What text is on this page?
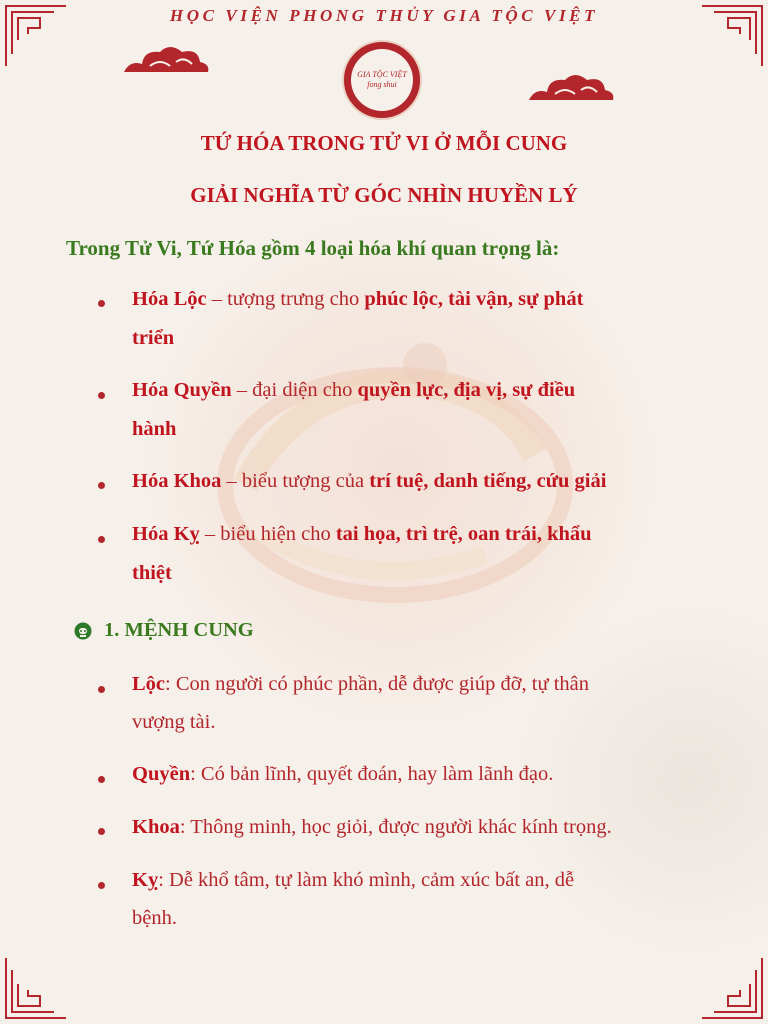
HỌC VIỆN PHONG THỦY GIA TỘC VIỆT
GIA TỘC VIỆT
fong shui
TỨ HÓA TRONG TỬ VI Ở MỖI CUNG
GIẢI NGHĨA TỪ GÓC NHÌN HUYỀN LÝ
Trong Tử Vi, Tứ Hóa gồm 4 loại hóa khí quan trọng là:
Hóa Lộc – tượng trưng cho phúc lộc, tài vận, sự phát
triển
Hóa Quyền – đại diện cho quyền lực, địa vị, sự điều
hành
Hóa Khoa – biểu tượng của trí tuệ, danh tiếng, cứu giải
Hóa Kỵ – biểu hiện cho tai họa, trì trệ, oan trái, khẩu
thiệt
1. MỆNH CUNG
Lộc: Con người có phúc phần, dễ được giúp đỡ, tự thân
vượng tài.
Quyền: Có bản lĩnh, quyết đoán, hay làm lãnh đạo.
Khoa: Thông minh, học giỏi, được người khác kính trọng.
Kỵ: Dễ khổ tâm, tự làm khó mình, cảm xúc bất an, dễ
bệnh.
